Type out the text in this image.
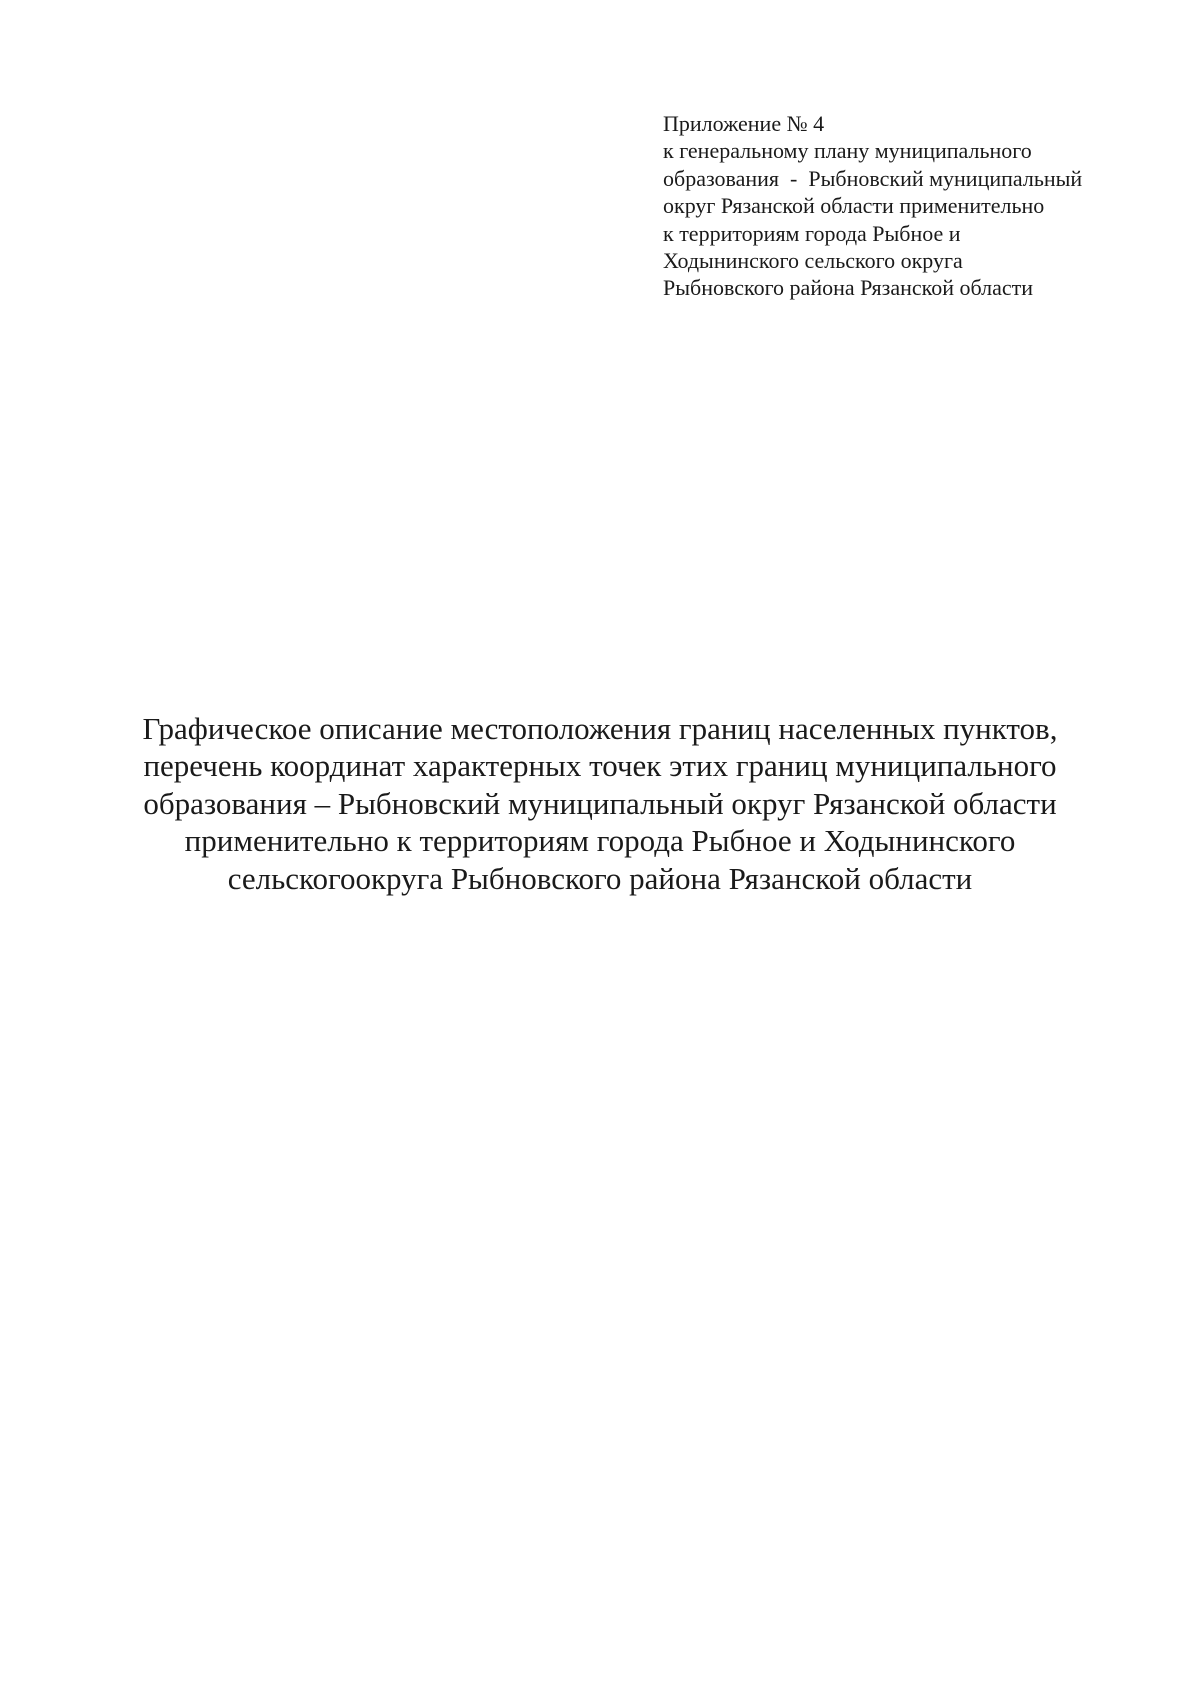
Приложение № 4
к генеральному плану муниципального
образования  -  Рыбновский муниципальный
округ Рязанской области применительно
к территориям города Рыбное и
Ходынинского сельского округа
Рыбновского района Рязанской области
Графическое описание местоположения границ населенных пунктов,
перечень координат характерных точек этих границ муниципального
образования – Рыбновский муниципальный округ Рязанской области
применительно к территориям города Рыбное и Ходынинского
сельскогоокруга Рыбновского района Рязанской области
